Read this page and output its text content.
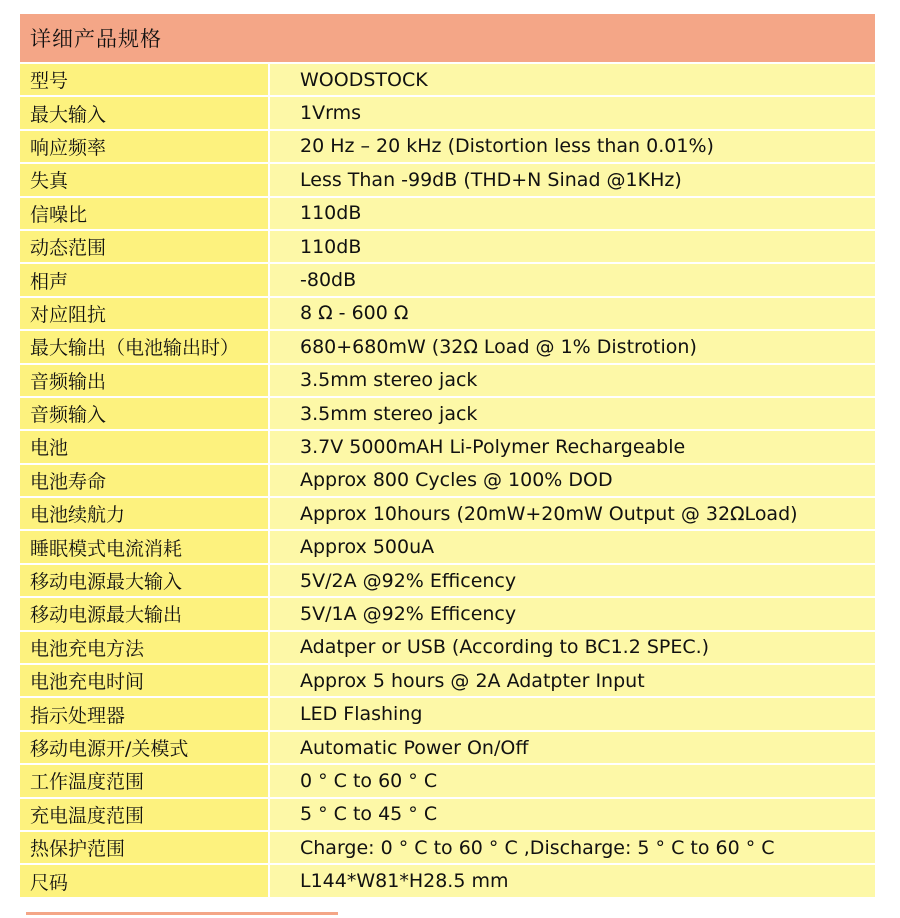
详细产品规格
型号	WOODSTOCK
最大输入	1Vrms
响应频率	20 Hz – 20 kHz (Distortion less than 0.01%)
失真	Less Than -99dB (THD+N Sinad @1KHz)
信噪比	110dB
动态范围	110dB
相声	-80dB
对应阻抗	8 Ω - 600 Ω
最大输出（电池输出时）	680+680mW (32Ω Load @ 1% Distrotion)
音频输出	3.5mm stereo jack
音频输入	3.5mm stereo jack
电池	3.7V 5000mAH Li-Polymer Rechargeable
电池寿命	Approx 800 Cycles @ 100% DOD
电池续航力	Approx 10hours (20mW+20mW Output @ 32ΩLoad)
睡眠模式电流消耗	Approx 500uA
移动电源最大输入	5V/2A @92% Efficency
移动电源最大输出	5V/1A @92% Efficency
电池充电方法	Adatper or USB (According to BC1.2 SPEC.)
电池充电时间	Approx 5 hours @ 2A Adatpter Input
指示处理器	LED Flashing
移动电源开/关模式	Automatic Power On/Off
工作温度范围	0 ° C to 60 ° C
充电温度范围	5 ° C to 45 ° C
热保护范围	Charge: 0 ° C to 60 ° C ,Discharge: 5 ° C to 60 ° C
尺码	L144*W81*H28.5 mm
